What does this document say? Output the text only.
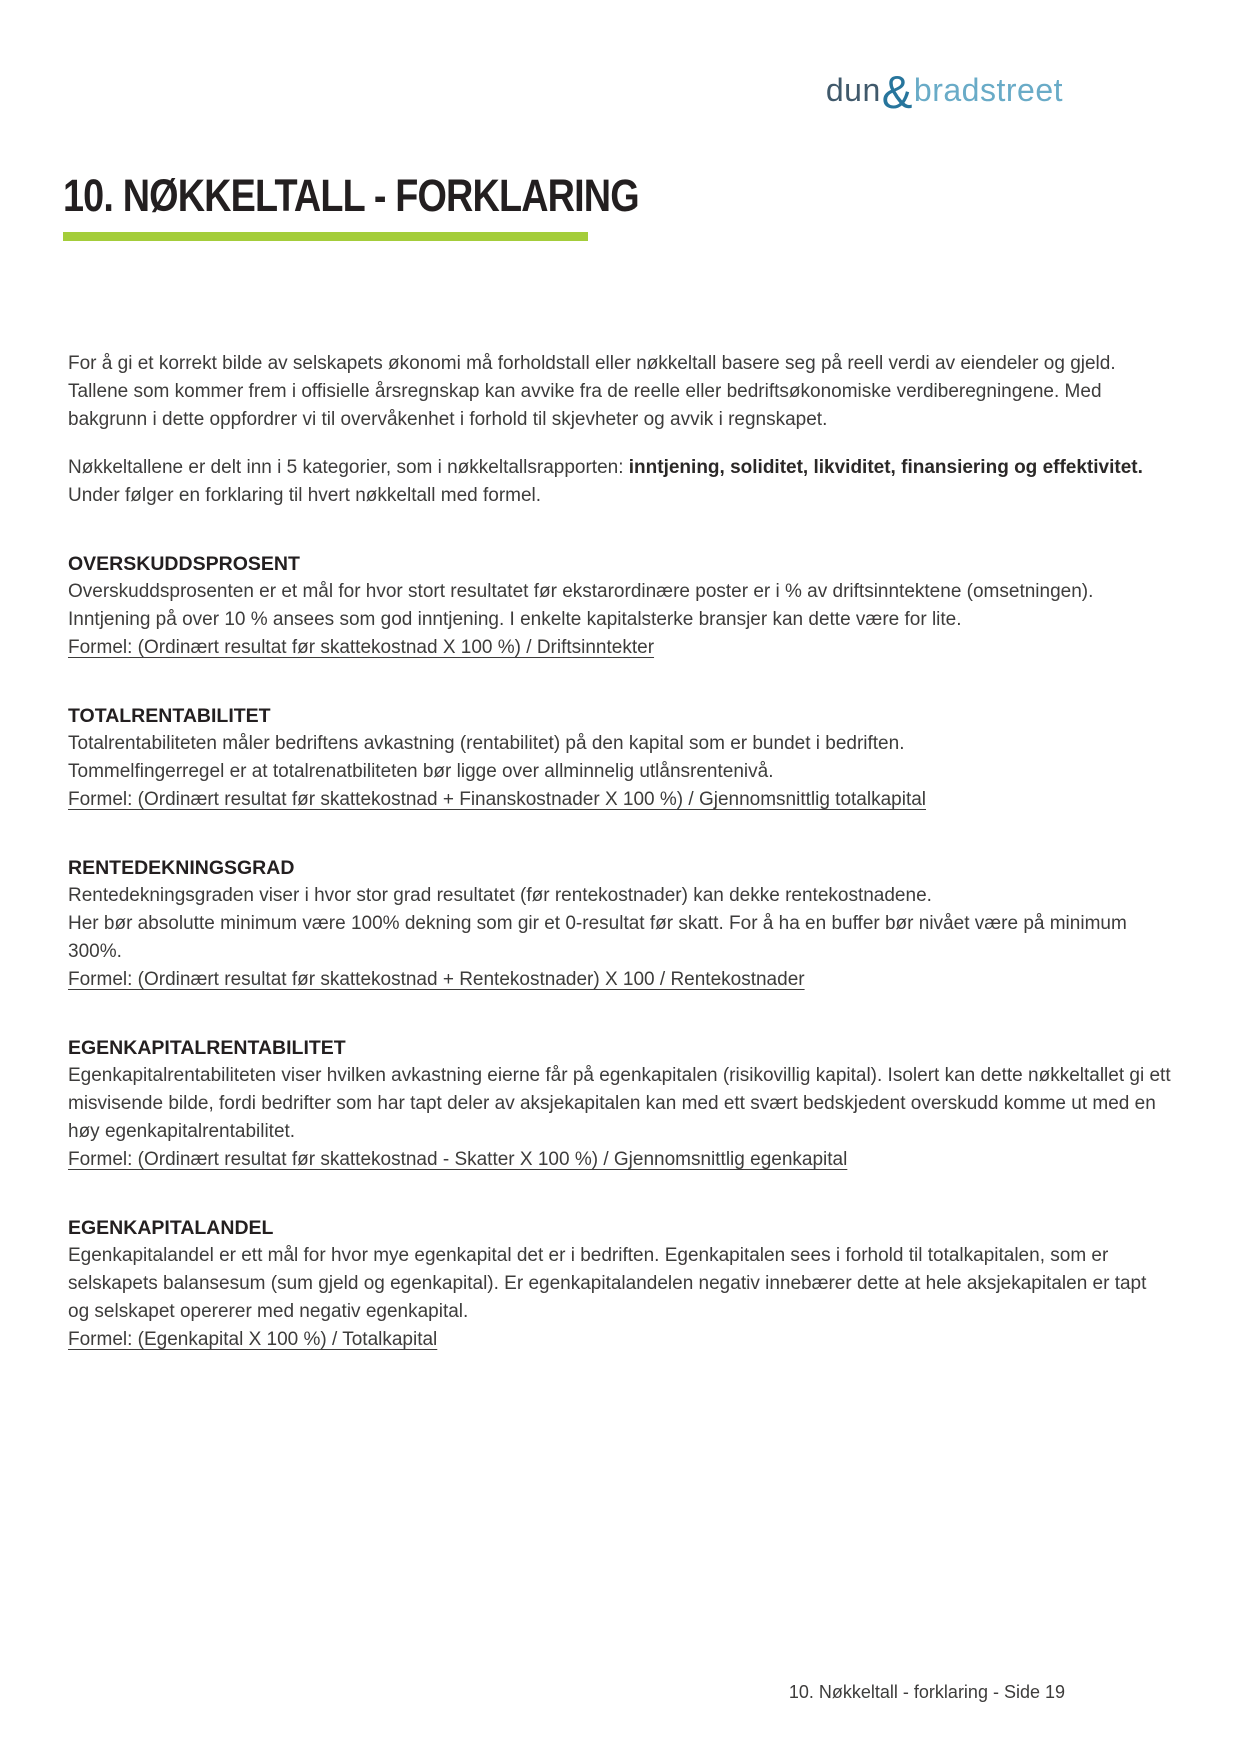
dun&bradstreet
10. NØKKELTALL - FORKLARING

For å gi et korrekt bilde av selskapets økonomi må forholdstall eller nøkkeltall basere seg på reell verdi av eiendeler og gjeld. Tallene som kommer frem i offisielle årsregnskap kan avvike fra de reelle eller bedriftsøkonomiske verdiberegningene. Med bakgrunn i dette oppfordrer vi til overvåkenhet i forhold til skjevheter og avvik i regnskapet.

Nøkkeltallene er delt inn i 5 kategorier, som i nøkkeltallsrapporten: inntjening, soliditet, likviditet, finansiering og effektivitet. Under følger en forklaring til hvert nøkkeltall med formel.

OVERSKUDDSPROSENT
Overskuddsprosenten er et mål for hvor stort resultatet før ekstarordinære poster er i % av driftsinntektene (omsetningen). Inntjening på over 10 % ansees som god inntjening. I enkelte kapitalsterke bransjer kan dette være for lite.
Formel: (Ordinært resultat før skattekostnad X 100 %) / Driftsinntekter
TOTALRENTABILITET
Totalrentabiliteten måler bedriftens avkastning (rentabilitet) på den kapital som er bundet i bedriften.
Tommelfingerregel er at totalrenatbiliteten bør ligge over allminnelig utlånsrentenivå.
Formel: (Ordinært resultat før skattekostnad + Finanskostnader X 100 %) / Gjennomsnittlig totalkapital
RENTEDEKNINGSGRAD
Rentedekningsgraden viser i hvor stor grad resultatet (før rentekostnader) kan dekke rentekostnadene.
Her bør absolutte minimum være 100% dekning som gir et 0-resultat før skatt. For å ha en buffer bør nivået være på minimum 300%.
Formel: (Ordinært resultat før skattekostnad + Rentekostnader) X 100 / Rentekostnader
EGENKAPITALRENTABILITET
Egenkapitalrentabiliteten viser hvilken avkastning eierne får på egenkapitalen (risikovillig kapital). Isolert kan dette nøkkeltallet gi ett misvisende bilde, fordi bedrifter som har tapt deler av aksjekapitalen kan med ett svært bedskjedent overskudd komme ut med en høy egenkapitalrentabilitet.
Formel: (Ordinært resultat før skattekostnad - Skatter X 100 %) / Gjennomsnittlig egenkapital
EGENKAPITALANDEL
Egenkapitalandel er ett mål for hvor mye egenkapital det er i bedriften. Egenkapitalen sees i forhold til totalkapitalen, som er selskapets balansesum (sum gjeld og egenkapital). Er egenkapitalandelen negativ innebærer dette at hele aksjekapitalen er tapt og selskapet opererer med negativ egenkapital.
Formel: (Egenkapital X 100 %) / Totalkapital
10. Nøkkeltall - forklaring - Side 19
